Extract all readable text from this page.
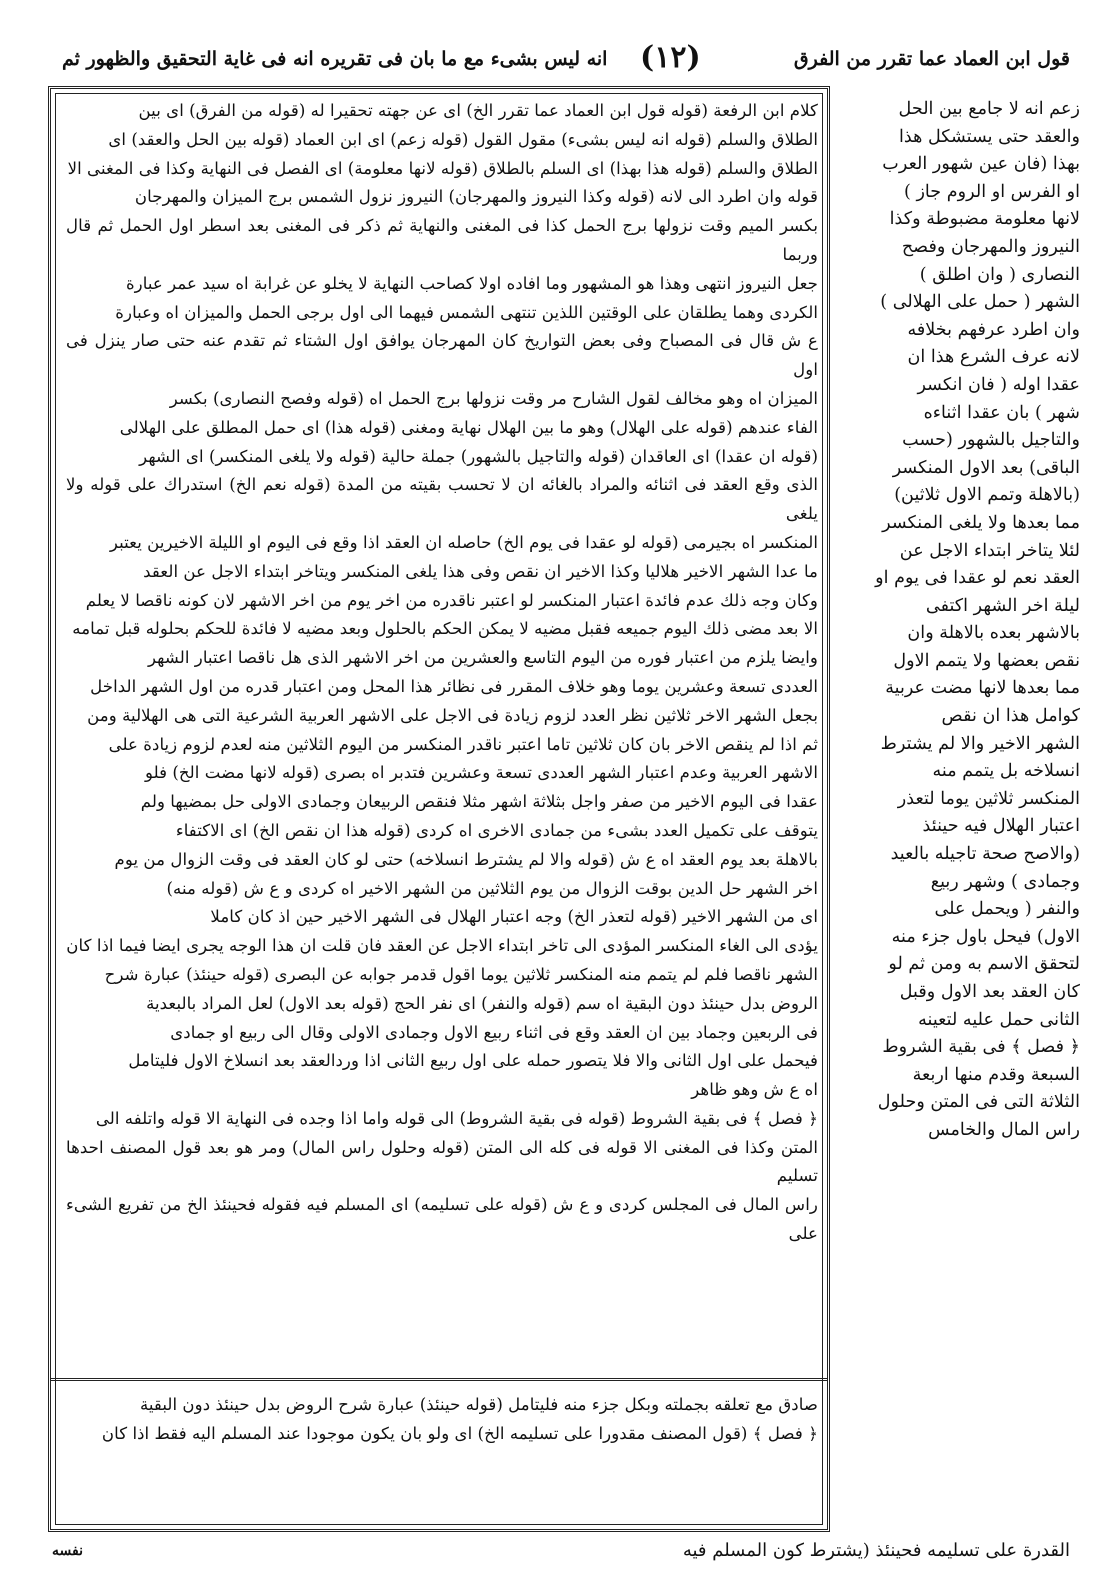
انه ليس بشىء مع ما بان فى تقريره انه فى غاية التحقيق والظهور ثم (١٢)	قول ابن العماد عما تقرر من الفرق
كلام ابن الرفعة (قوله قول ابن العماد عما تقرر الخ) اى عن جهته تحقيرا له (قوله من الفرق) اى بين
الطلاق والسلم (قوله انه ليس بشىء) مقول القول (قوله زعم) اى ابن العماد (قوله بين الحل والعقد) اى
الطلاق والسلم (قوله هذا بهذا) اى السلم بالطلاق (قوله لانها معلومة) اى الفصل فى النهاية وكذا فى المغنى الا
قوله وان اطرد الى لانه (قوله وكذا النيروز والمهرجان) النيروز نزول الشمس برج الميزان والمهرجان
بكسر الميم وقت نزولها برج الحمل كذا فى المغنى والنهاية ثم ذكر فى المغنى بعد اسطر اول الحمل ثم قال وربما
جعل النيروز انتهى وهذا هو المشهور وما افاده اولا كصاحب النهاية لا يخلو عن غرابة اه سيد عمر عبارة
الكردى وهما يطلقان على الوقتين اللذين تنتهى الشمس فيهما الى اول برجى الحمل والميزان اه وعبارة
ع ش قال فى المصباح وفى بعض التواريخ كان المهرجان يوافق اول الشتاء ثم تقدم عنه حتى صار ينزل فى اول
الميزان اه وهو مخالف لقول الشارح مر وقت نزولها برج الحمل اه (قوله وفصح النصارى) بكسر
الفاء عندهم (قوله على الهلال) وهو ما بين الهلال نهاية ومغنى (قوله هذا) اى حمل المطلق على الهلالى
(قوله ان عقدا) اى العاقدان (قوله والتاجيل بالشهور) جملة حالية (قوله ولا يلغى المنكسر) اى الشهر
الذى وقع العقد فى اثنائه والمراد بالغائه ان لا تحسب بقيته من المدة (قوله نعم الخ) استدراك على قوله ولا يلغى
المنكسر اه بجيرمى (قوله لو عقدا فى يوم الخ) حاصله ان العقد اذا وقع فى اليوم او الليلة الاخيرين يعتبر
ما عدا الشهر الاخير هلاليا وكذا الاخير ان نقص وفى هذا يلغى المنكسر ويتاخر ابتداء الاجل عن العقد
وكان وجه ذلك عدم فائدة اعتبار المنكسر لو اعتبر ناقدره من اخر يوم من اخر الاشهر لان كونه ناقصا لا يعلم
الا بعد مضى ذلك اليوم جميعه فقبل مضيه لا يمكن الحكم بالحلول وبعد مضيه لا فائدة للحكم بحلوله قبل تمامه
وايضا يلزم من اعتبار فوره من اليوم التاسع والعشرين من اخر الاشهر الذى هل ناقصا اعتبار الشهر
العددى تسعة وعشرين يوما وهو خلاف المقرر فى نظائر هذا المحل ومن اعتبار قدره من اول الشهر الداخل
بجعل الشهر الاخر ثلاثين نظر العدد لزوم زيادة فى الاجل على الاشهر العربية الشرعية التى هى الهلالية ومن
ثم اذا لم ينقص الاخر بان كان ثلاثين تاما اعتبر ناقدر المنكسر من اليوم الثلاثين منه لعدم لزوم زيادة على
الاشهر العربية وعدم اعتبار الشهر العددى تسعة وعشرين فتدبر اه بصرى (قوله لانها مضت الخ) فلو
عقدا فى اليوم الاخير من صفر واجل بثلاثة اشهر مثلا فنقص الربيعان وجمادى الاولى حل بمضيها ولم
يتوقف على تكميل العدد بشىء من جمادى الاخرى اه كردى (قوله هذا ان نقص الخ) اى الاكتفاء
بالاهلة بعد يوم العقد اه ع ش (قوله والا لم يشترط انسلاخه) حتى لو كان العقد فى وقت الزوال من يوم
اخر الشهر حل الدين بوقت الزوال من يوم الثلاثين من الشهر الاخير اه كردى و ع ش (قوله منه)
اى من الشهر الاخير (قوله لتعذر الخ) وجه اعتبار الهلال فى الشهر الاخير حين اذ كان كاملا
يؤدى الى الغاء المنكسر المؤدى الى تاخر ابتداء الاجل عن العقد فان قلت ان هذا الوجه يجرى ايضا فيما اذا كان
الشهر ناقصا فلم لم يتمم منه المنكسر ثلاثين يوما اقول قدمر جوابه عن البصرى (قوله حينئذ) عبارة شرح
الروض بدل حينئذ دون البقية اه سم (قوله والنفر) اى نفر الحج (قوله بعد الاول) لعل المراد بالبعدية
فى الربعين وجماد بين ان العقد وقع فى اثناء ربيع الاول وجمادى الاولى وقال الى ربيع او جمادى
فيحمل على اول الثانى والا فلا يتصور حمله على اول ربيع الثانى اذا وردالعقد بعد انسلاخ الاول فليتامل
اه ع ش وهو ظاهر
﴿ فصل ﴾ فى بقية الشروط (قوله فى بقية الشروط) الى قوله واما اذا وجده فى النهاية الا قوله واتلفه الى
المتن وكذا فى المغنى الا قوله فى كله الى المتن (قوله وحلول راس المال) ومر هو بعد قول المصنف احدها تسليم
راس المال فى المجلس كردى و ع ش (قوله على تسليمه) اى المسلم فيه فقوله فحينئذ الخ من تفريع الشىء على
صادق مع تعلقه بجملته وبكل جزء منه فليتامل (قوله حينئذ) عبارة شرح الروض بدل حينئذ دون البقية
﴿ فصل ﴾ (قول المصنف مقدورا على تسليمه الخ) اى ولو بان يكون موجودا عند المسلم اليه فقط اذا كان
زعم انه لا جامع بين الحل
والعقد حتى يستشكل هذا
بهذا (فان عين شهور العرب
او الفرس او الروم جاز )
لانها معلومة مضبوطة وكذا
النيروز والمهرجان وفصح
النصارى ( وان اطلق )
الشهر ( حمل على الهلالى )
وان اطرد عرفهم بخلافه
لانه عرف الشرع هذا ان
عقدا اوله ( فان انكسر
شهر ) بان عقدا اثناءه
والتاجيل بالشهور (حسب
الباقى) بعد الاول المنكسر
(بالاهلة وتمم الاول ثلاثين)
مما بعدها ولا يلغى المنكسر
لئلا يتاخر ابتداء الاجل عن
العقد نعم لو عقدا فى يوم او
ليلة اخر الشهر اكتفى
بالاشهر بعده بالاهلة وان
نقص بعضها ولا يتمم الاول
مما بعدها لانها مضت عربية
كوامل هذا ان نقص
الشهر الاخير والا لم يشترط
انسلاخه بل يتمم منه
المنكسر ثلاثين يوما لتعذر
اعتبار الهلال فيه حينئذ
(والاصح صحة تاجيله بالعيد
وجمادى ) وشهر ربيع
والنفر ( ويحمل على
الاول) فيحل باول جزء منه
لتحقق الاسم به ومن ثم لو
كان العقد بعد الاول وقبل
الثانى حمل عليه لتعينه
﴿ فصل ﴾ فى بقية الشروط
السبعة وقدم منها اربعة
الثلاثة التى فى المتن وحلول
راس المال والخامس
القدرة على تسليمه فحينئذ (يشترط كون المسلم فيه
نفسه
